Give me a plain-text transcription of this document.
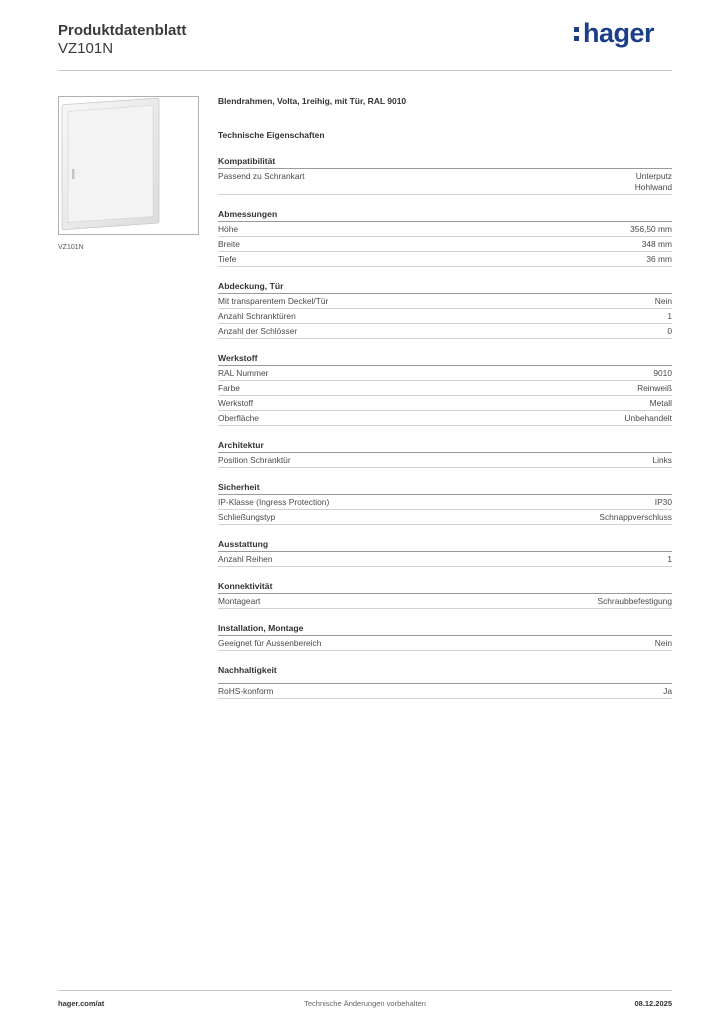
Produktdatenblatt
VZ101N
hager
VZ101N
Blendrahmen, Volta, 1reihig, mit Tür, RAL 9010
Technische Eigenschaften
Kompatibilität
Passend zu Schrankart	Unterputz
Hohlwand
Abmessungen
Höhe	356,50 mm
Breite	348 mm
Tiefe	36 mm
Abdeckung, Tür
Mit transparentem Deckel/Tür	Nein
Anzahl Schranktüren	1
Anzahl der Schlösser	0
Werkstoff
RAL Nummer	9010
Farbe	Reinweiß
Werkstoff	Metall
Oberfläche	Unbehandelt
Architektur
Position Schranktür	Links
Sicherheit
IP-Klasse (Ingress Protection)	IP30
Schließungstyp	Schnappverschluss
Ausstattung
Anzahl Reihen	1
Konnektivität
Montageart	Schraubbefestigung
Installation, Montage
Geeignet für Aussenbereich	Nein
Nachhaltigkeit
RoHS-konform	Ja
hager.com/at	Technische Änderungen vorbehalten	08.12.2025
